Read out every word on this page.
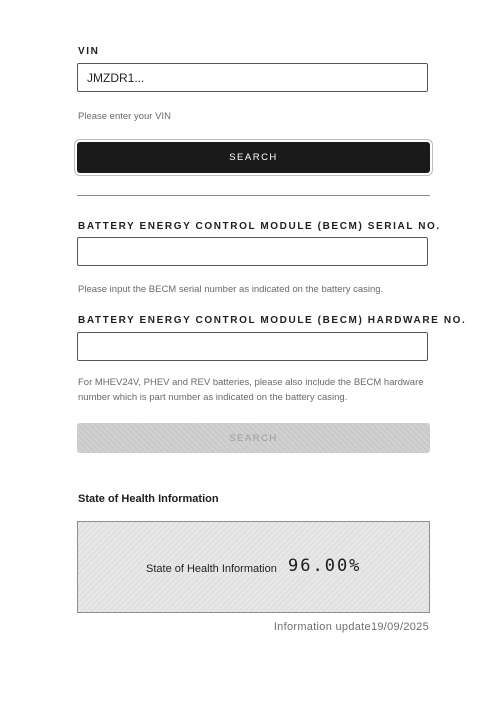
VIN
JMZDR1...
Please enter your VIN
SEARCH
BATTERY ENERGY CONTROL MODULE (BECM) SERIAL NO.
Please input the BECM serial number as indicated on the battery casing.
BATTERY ENERGY CONTROL MODULE (BECM) HARDWARE NO.
For MHEV24V, PHEV and REV batteries, please also include the BECM hardware
number which is part number as indicated on the battery casing.
SEARCH
State of Health Information
State of Health Information 96.00%
Information update19/09/2025
